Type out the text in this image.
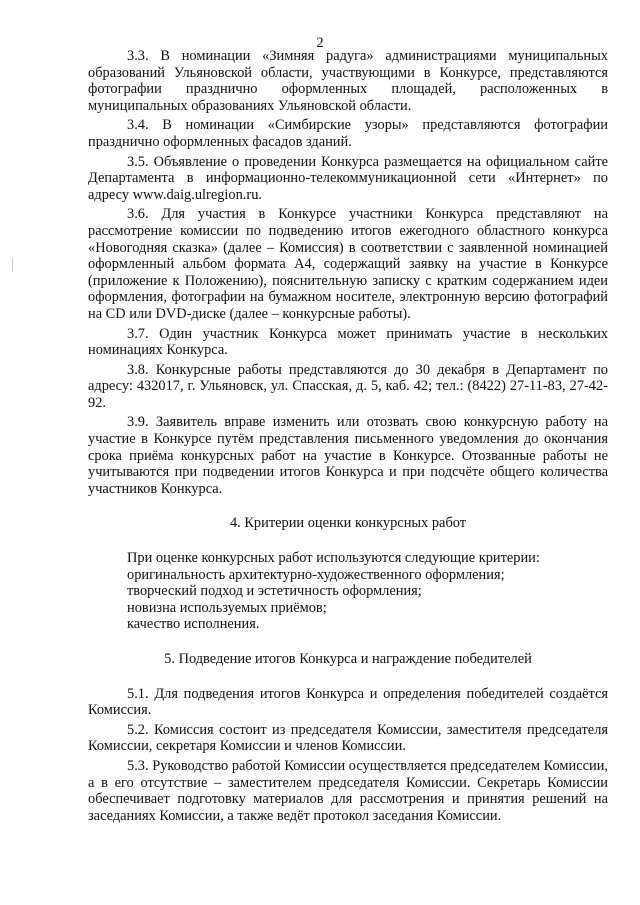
2

3.3. В номинации «Зимняя радуга» администрациями муниципальных образований Ульяновской области, участвующими в Конкурсе, представляются фотографии празднично оформленных площадей, расположенных в муниципальных образованиях Ульяновской области.

3.4. В номинации «Симбирские узоры» представляются фотографии празднично оформленных фасадов зданий.

3.5. Объявление о проведении Конкурса размещается на официальном сайте Департамента в информационно-телекоммуникационной сети «Интернет» по адресу www.daig.ulregion.ru.

3.6. Для участия в Конкурсе участники Конкурса представляют на рассмотрение комиссии по подведению итогов ежегодного областного конкурса «Новогодняя сказка» (далее – Комиссия) в соответствии с заявленной номинацией оформленный альбом формата А4, содержащий заявку на участие в Конкурсе (приложение к Положению), пояснительную записку с кратким содержанием идеи оформления, фотографии на бумажном носителе, электронную версию фотографий на CD или DVD-диске (далее – конкурсные работы).

3.7. Один участник Конкурса может принимать участие в нескольких номинациях Конкурса.

3.8. Конкурсные работы представляются до 30 декабря в Департамент по адресу: 432017, г. Ульяновск, ул. Спасская, д. 5, каб. 42; тел.: (8422) 27-11-83, 27-42-92.

3.9. Заявитель вправе изменить или отозвать свою конкурсную работу на участие в Конкурсе путём представления письменного уведомления до окончания срока приёма конкурсных работ на участие в Конкурсе. Отозванные работы не учитываются при подведении итогов Конкурса и при подсчёте общего количества участников Конкурса.

4. Критерии оценки конкурсных работ
При оценке конкурсных работ используются следующие критерии:
оригинальность архитектурно-художественного оформления;
творческий подход и эстетичность оформления;
новизна используемых приёмов;
качество исполнения.
5. Подведение итогов Конкурса и награждение победителей

5.1. Для подведения итогов Конкурса и определения победителей создаётся Комиссия.

5.2. Комиссия состоит из председателя Комиссии, заместителя председателя Комиссии, секретаря Комиссии и членов Комиссии.

5.3. Руководство работой Комиссии осуществляется председателем Комиссии, а в его отсутствие – заместителем председателя Комиссии. Секретарь Комиссии обеспечивает подготовку материалов для рассмотрения и принятия решений на заседаниях Комиссии, а также ведёт протокол заседания Комиссии.
